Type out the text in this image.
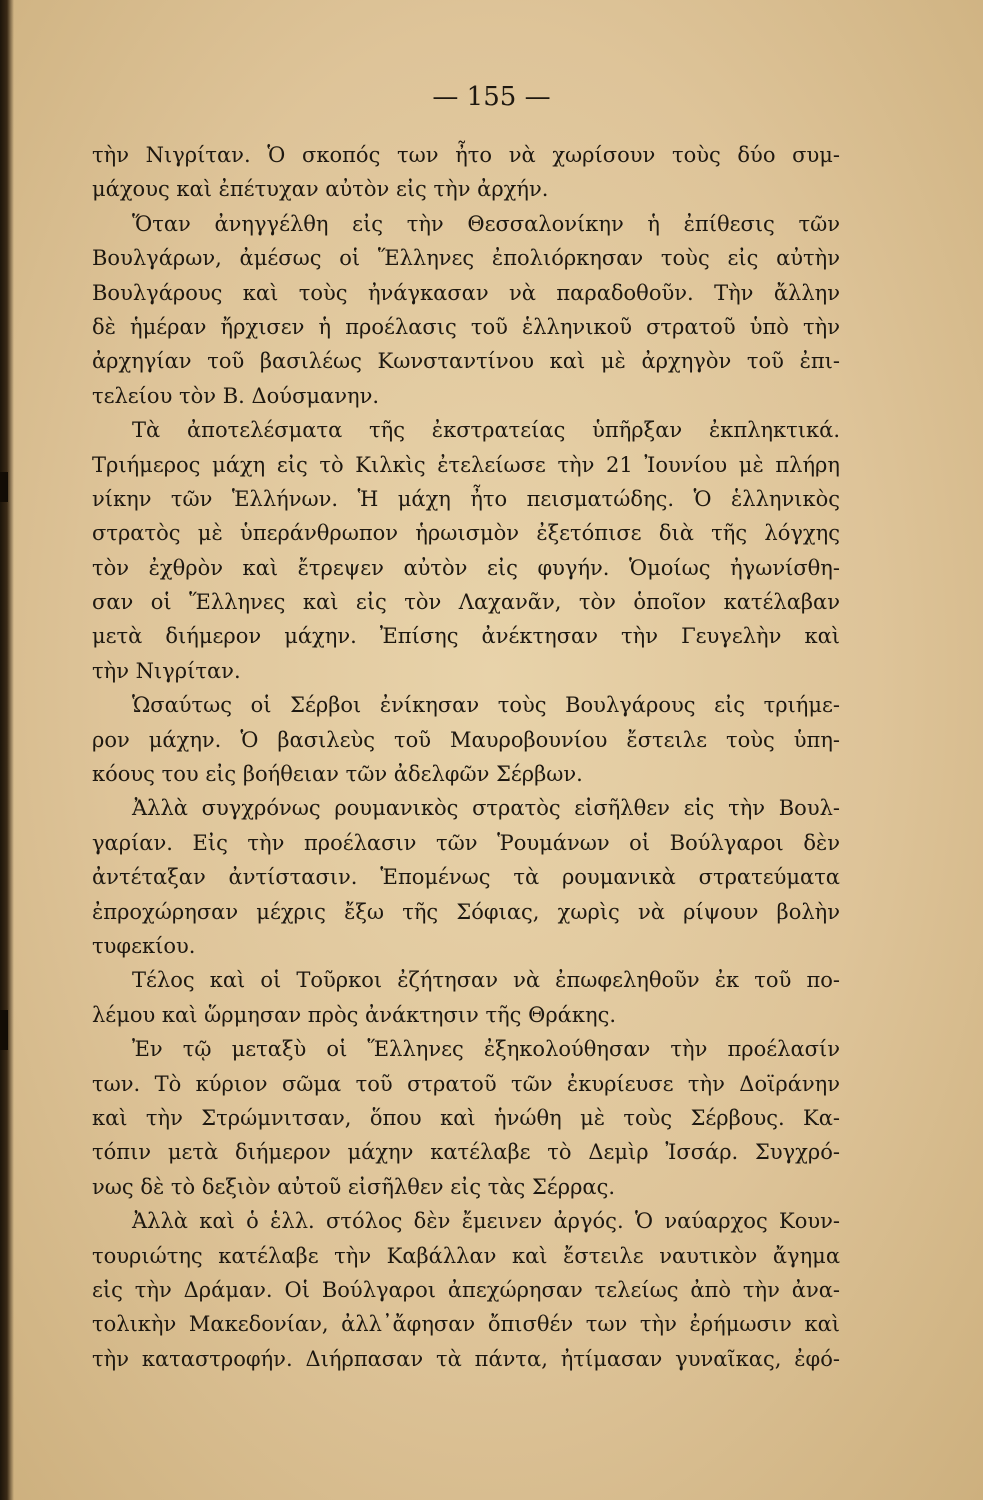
— 155 —
τὴν Νιγρίταν. Ὁ σκοπός των ἦτο νὰ χωρίσουν τοὺς δύο συμ-
μάχους καὶ ἐπέτυχαν αὐτὸν εἰς τὴν ἀρχήν.
Ὅταν ἀνηγγέλθη εἰς τὴν Θεσσαλονίκην ἡ ἐπίθεσις τῶν
Βουλγάρων, ἀμέσως οἱ Ἕλληνες ἐπολιόρκησαν τοὺς εἰς αὐτὴν
Βουλγάρους καὶ τοὺς ἠνάγκασαν νὰ παραδοθοῦν. Τὴν ἄλλην
δὲ ἡμέραν ἤρχισεν ἡ προέλασις τοῦ ἑλληνικοῦ στρατοῦ ὑπὸ τὴν
ἀρχηγίαν τοῦ βασιλέως Κωνσταντίνου καὶ μὲ ἀρχηγὸν τοῦ ἐπι-
τελείου τὸν Β. Δούσμανην.
Τὰ ἀποτελέσματα τῆς ἐκστρατείας ὑπῆρξαν ἐκπληκτικά.
Τριήμερος μάχη εἰς τὸ Κιλκὶς ἐτελείωσε τὴν 21 Ἰουνίου μὲ πλήρη
νίκην τῶν Ἑλλήνων. Ἡ μάχη ἦτο πεισματώδης. Ὁ ἑλληνικὸς
στρατὸς μὲ ὑπεράνθρωπον ἡρωισμὸν ἐξετόπισε διὰ τῆς λόγχης
τὸν ἐχθρὸν καὶ ἔτρεψεν αὐτὸν εἰς φυγήν. Ὁμοίως ἠγωνίσθη-
σαν οἱ Ἕλληνες καὶ εἰς τὸν Λαχανᾶν, τὸν ὁποῖον κατέλαβαν
μετὰ διήμερον μάχην. Ἐπίσης ἀνέκτησαν τὴν Γευγελὴν καὶ
τὴν Νιγρίταν.
Ὡσαύτως οἱ Σέρβοι ἐνίκησαν τοὺς Βουλγάρους εἰς τριήμε-
ρον μάχην. Ὁ βασιλεὺς τοῦ Μαυροβουνίου ἔστειλε τοὺς ὑπη-
κόους του εἰς βοήθειαν τῶν ἀδελφῶν Σέρβων.
Ἀλλὰ συγχρόνως ρουμανικὸς στρατὸς εἰσῆλθεν εἰς τὴν Βουλ-
γαρίαν. Εἰς τὴν προέλασιν τῶν Ῥουμάνων οἱ Βούλγαροι δὲν
ἀντέταξαν ἀντίστασιν. Ἑπομένως τὰ ρουμανικὰ στρατεύματα
ἐπροχώρησαν μέχρις ἔξω τῆς Σόφιας, χωρὶς νὰ ρίψουν βολὴν
τυφεκίου.
Τέλος καὶ οἱ Τοῦρκοι ἐζήτησαν νὰ ἐπωφεληθοῦν ἐκ τοῦ πο-
λέμου καὶ ὥρμησαν πρὸς ἀνάκτησιν τῆς Θράκης.
Ἐν τῷ μεταξὺ οἱ Ἕλληνες ἐξηκολούθησαν τὴν προέλασίν
των. Τὸ κύριον σῶμα τοῦ στρατοῦ τῶν ἐκυρίευσε τὴν Δοϊράνην
καὶ τὴν Στρώμνιτσαν, ὅπου καὶ ἡνώθη μὲ τοὺς Σέρβους. Κα-
τόπιν μετὰ διήμερον μάχην κατέλαβε τὸ Δεμὶρ Ἰσσάρ. Συγχρό-
νως δὲ τὸ δεξιὸν αὐτοῦ εἰσῆλθεν εἰς τὰς Σέρρας.
Ἀλλὰ καὶ ὁ ἑλλ. στόλος δὲν ἔμεινεν ἀργός. Ὁ ναύαρχος Κουν-
τουριώτης κατέλαβε τὴν Καβάλλαν καὶ ἔστειλε ναυτικὸν ἄγημα
εἰς τὴν Δράμαν. Οἱ Βούλγαροι ἀπεχώρησαν τελείως ἀπὸ τὴν ἀνα-
τολικὴν Μακεδονίαν, ἀλλ᾿ἄφησαν ὄπισθέν των τὴν ἐρήμωσιν καὶ
τὴν καταστροφήν. Διήρπασαν τὰ πάντα, ἠτίμασαν γυναῖκας, ἐφό-
